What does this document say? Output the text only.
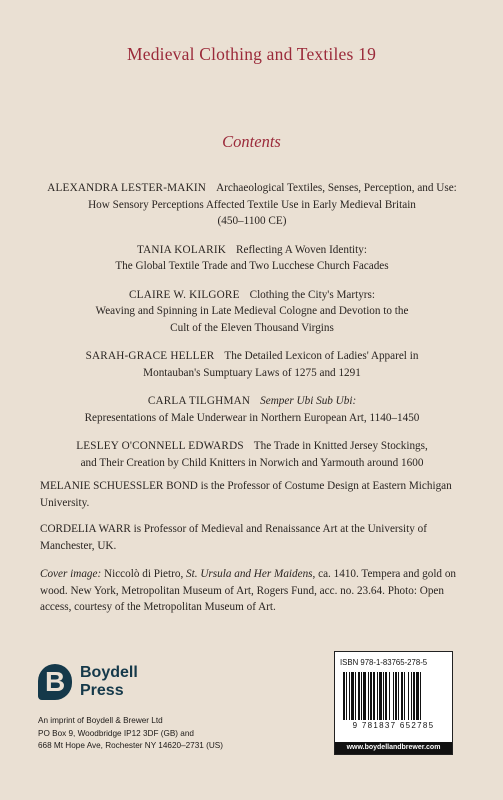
Medieval Clothing and Textiles 19
Contents
ALEXANDRA LESTER-MAKIN Archaeological Textiles, Senses, Perception, and Use:
How Sensory Perceptions Affected Textile Use in Early Medieval Britain
(450–1100 CE)
TANIA KOLARIK Reflecting A Woven Identity:
The Global Textile Trade and Two Lucchese Church Facades
CLAIRE W. KILGORE Clothing the City's Martyrs:
Weaving and Spinning in Late Medieval Cologne and Devotion to the
Cult of the Eleven Thousand Virgins
SARAH-GRACE HELLER The Detailed Lexicon of Ladies' Apparel in
Montauban's Sumptuary Laws of 1275 and 1291
CARLA TILGHMAN Semper Ubi Sub Ubi:
Representations of Male Underwear in Northern European Art, 1140–1450
LESLEY O'CONNELL EDWARDS The Trade in Knitted Jersey Stockings,
and Their Creation by Child Knitters in Norwich and Yarmouth around 1600

MELANIE SCHUESSLER BOND is the Professor of Costume Design at Eastern Michigan University.

CORDELIA WARR is Professor of Medieval and Renaissance Art at the University of Manchester, UK.

Cover image: Niccolò di Pietro, St. Ursula and Her Maidens, ca. 1410. Tempera and gold on wood. New York, Metropolitan Museum of Art, Rogers Fund, acc. no. 23.64. Photo: Open access, courtesy of the Metropolitan Museum of Art.

B Boydell
Press
An imprint of Boydell & Brewer Ltd
PO Box 9, Woodbridge IP12 3DF (GB) and
668 Mt Hope Ave, Rochester NY 14620–2731 (US)
ISBN 978-1-83765-278-5
9 781837 652785
www.boydellandbrewer.com
